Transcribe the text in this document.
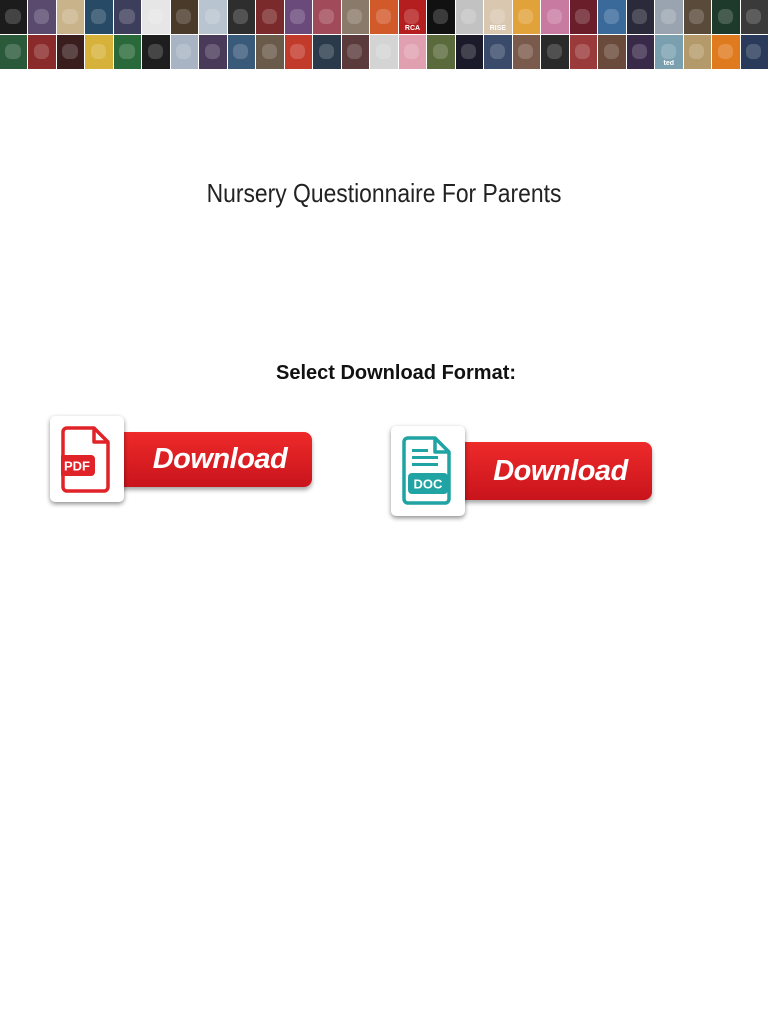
RCA	RISE
ted
Nursery Questionnaire For Parents

Select Download Format:

Download
PDF	Download
DOC
